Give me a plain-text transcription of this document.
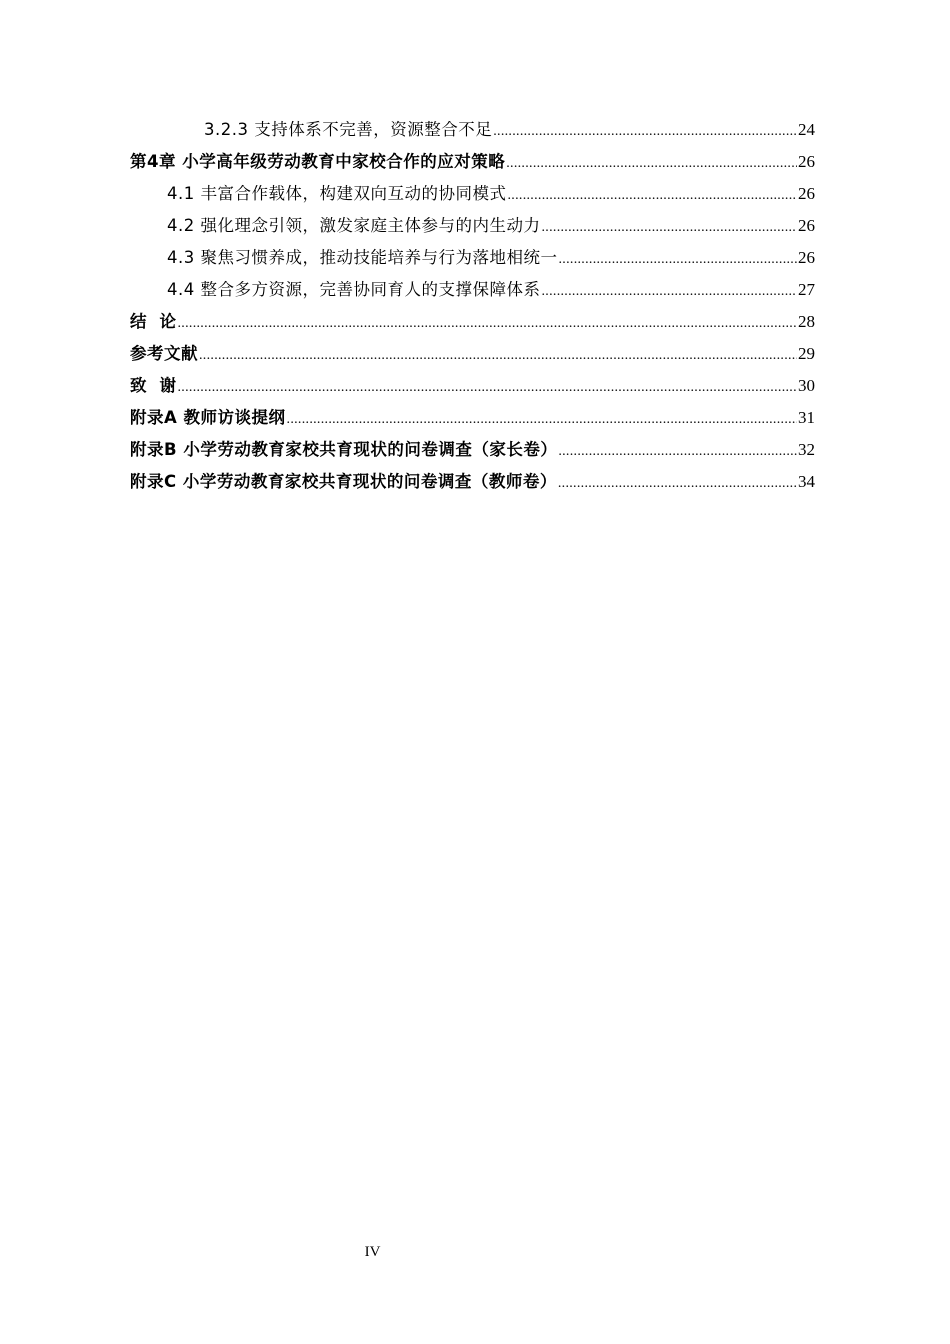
3.2.3 支持体系不完善，资源整合不足 .....	24
第4章 小学高年级劳动教育中家校合作的应对策略 .....	26
4.1 丰富合作载体，构建双向互动的协同模式 .....	26
4.2 强化理念引领，激发家庭主体参与的内生动力 .....	26
4.3 聚焦习惯养成，推动技能培养与行为落地相统一 .....	26
4.4 整合多方资源，完善协同育人的支撑保障体系 .....	27
结  论 .....	28
参考文献 .....	29
致  谢 .....	30
附录A 教师访谈提纲 .....	31
附录B 小学劳动教育家校共育现状的问卷调查（家长卷） .....	32
附录C 小学劳动教育家校共育现状的问卷调查（教师卷） .....	34
IV
